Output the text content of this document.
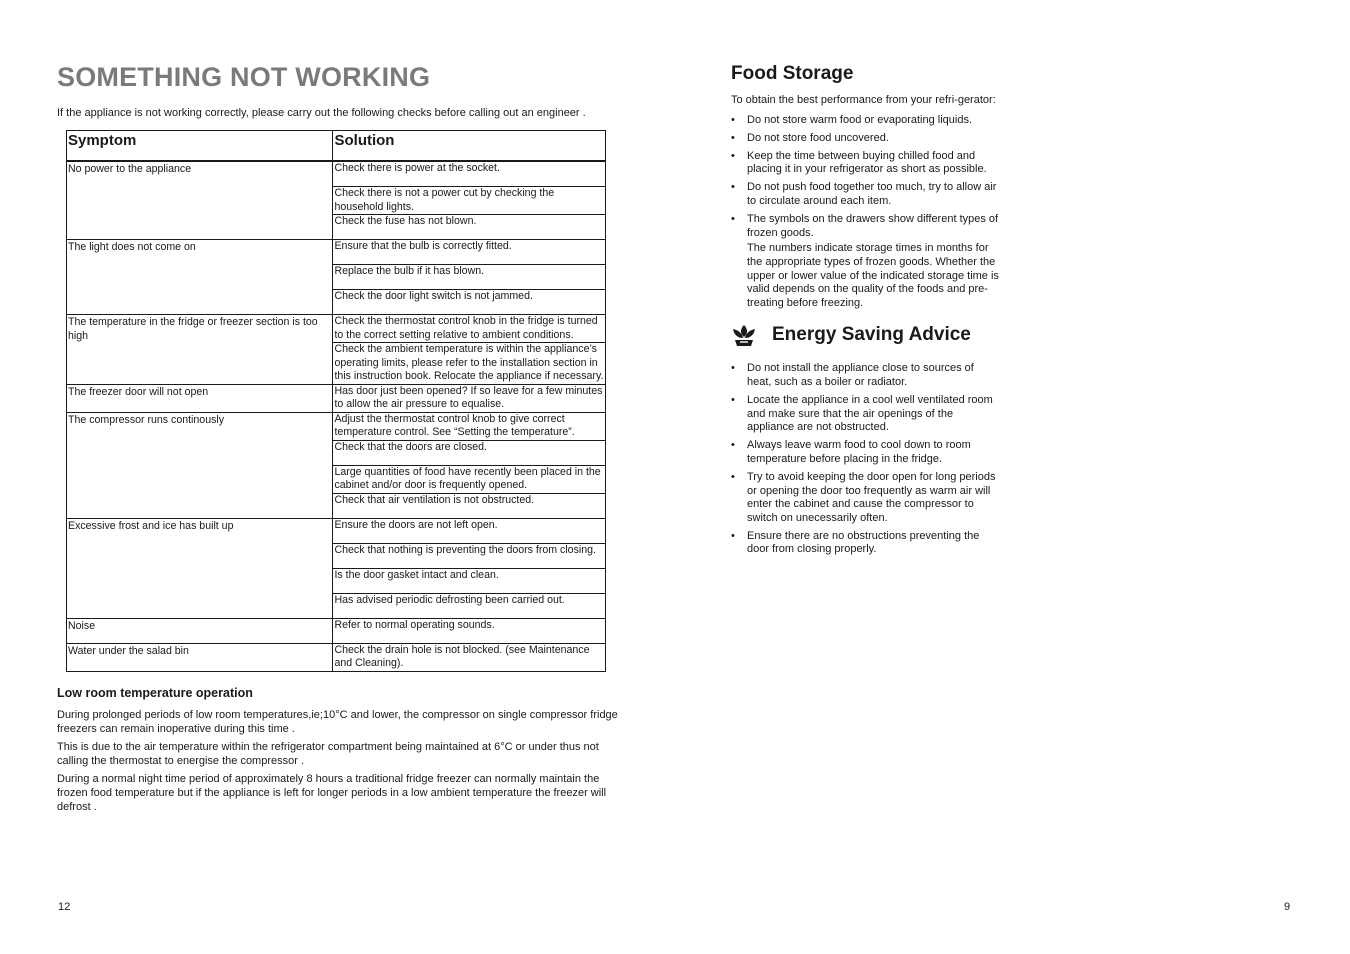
SOMETHING NOT WORKING

If the appliance is not working correctly, please carry out the following checks before calling out an engineer .

Symptom	Solution
No power to the appliance	Check there is power at the socket.
Check there is not a power cut by checking the household lights.
Check the fuse has not blown.

The light does not come on	Ensure that the bulb is correctly fitted.
Replace the bulb if it has blown.
Check the door light switch is not jammed.

The temperature in the fridge or freezer section is too high	Check the thermostat control knob in the fridge is turned to the correct setting relative to ambient conditions.
Check the ambient temperature is within the appliance’s operating limits, please refer to the installation section in this instruction book. Relocate the appliance if necessary.

The freezer door will not open	Has door just been opened? If so leave for a few minutes to allow the air pressure to equalise.

The compressor runs continously	Adjust the thermostat control knob to give correct temperature control. See “Setting the temperature”.
Check that the doors are closed.
Large quantities of food have recently been placed in the cabinet and/or door is frequently opened.
Check that air ventilation is not obstructed.

Excessive frost and ice has built up	Ensure the doors are not left open.
Check that nothing is preventing the doors from closing.
Is the door gasket intact and clean.
Has advised periodic defrosting been carried out.

Noise	Refer to normal operating sounds.

Water under the salad bin	Check the drain hole is not blocked. (see Maintenance and Cleaning).
Low room temperature operation

During prolonged periods of low room temperatures,ie;10°C and lower, the compressor on single compressor fridge freezers can remain inoperative during this time .

This is due to the air temperature within the refrigerator compartment being maintained at 6°C or under thus not calling the thermostat to energise the compressor .

During a normal night time period of approximately 8 hours a traditional fridge freezer can normally maintain the frozen food temperature but if the appliance is left for longer periods in a low ambient temperature the freezer will defrost .

12
Food Storage
To obtain the best performance from your refri-gerator:
• Do not store warm food or evaporating liquids.
• Do not store food uncovered.
• Keep the time between buying chilled food and placing it in your refrigerator as short as possible.
• Do not push food together too much, try to allow air to circulate around each item.
• The symbols on the drawers show different types of frozen goods.
The numbers indicate storage times in months for the appropriate types of frozen goods. Whether the upper or lower value of the indicated storage time is valid depends on the quality of the foods and pre-treating before freezing.
Energy Saving Advice
• Do not install the appliance close to sources of heat, such as a boiler or radiator.
• Locate the appliance in a cool well ventilated room and make sure that the air openings of the appliance are not obstructed.
• Always leave warm food to cool down to room temperature before placing in the fridge.
• Try to avoid keeping the door open for long periods or opening the door too frequently as warm air will enter the cabinet and cause the compressor to switch on unecessarily often.
• Ensure there are no obstructions preventing the door from closing properly.
9
